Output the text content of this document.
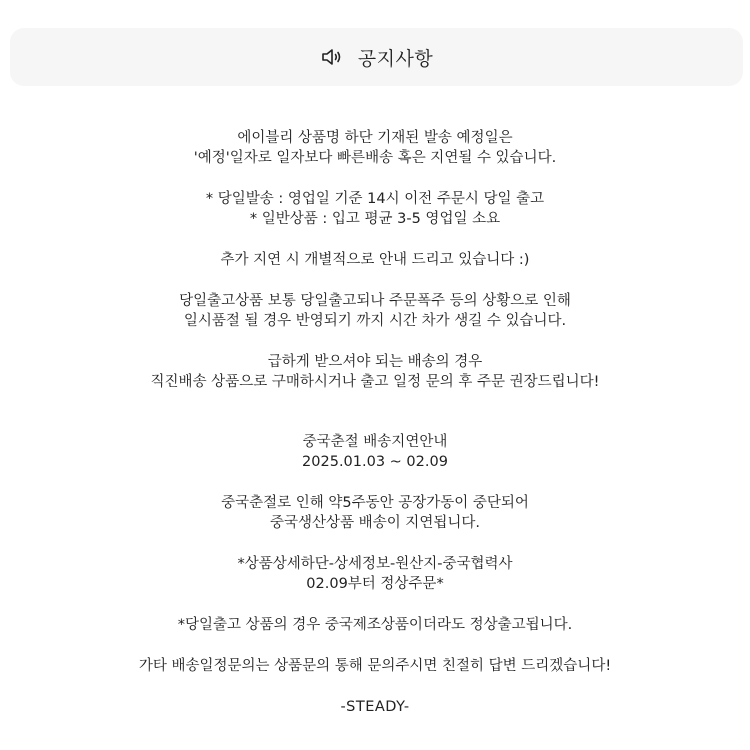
공지사항

에이블리 상품명 하단 기재된 발송 예정일은

'예정'일자로 일자보다 빠른배송 혹은 지연될 수 있습니다.

* 당일발송 : 영업일 기준 14시 이전 주문시 당일 출고

* 일반상품 : 입고 평균 3-5 영업일 소요

추가 지연 시 개별적으로 안내 드리고 있습니다 :)

당일출고상품 보통 당일출고되나 주문폭주 등의 상황으로 인해

일시품절 될 경우 반영되기 까지 시간 차가 생길 수 있습니다.

급하게 받으셔야 되는 배송의 경우

직진배송 상품으로 구매하시거나 출고 일정 문의 후 주문 권장드립니다!

중국춘절 배송지연안내

2025.01.03 ~ 02.09

중국춘절로 인해 약5주동안 공장가동이 중단되어

중국생산상품 배송이 지연됩니다.

*상품상세하단-상세정보-원산지-중국협력사

02.09부터 정상주문*

*당일출고 상품의 경우 중국제조상품이더라도 정상출고됩니다.

가타 배송일정문의는 상품문의 통해 문의주시면 친절히 답변 드리겠습니다!

-STEADY-
